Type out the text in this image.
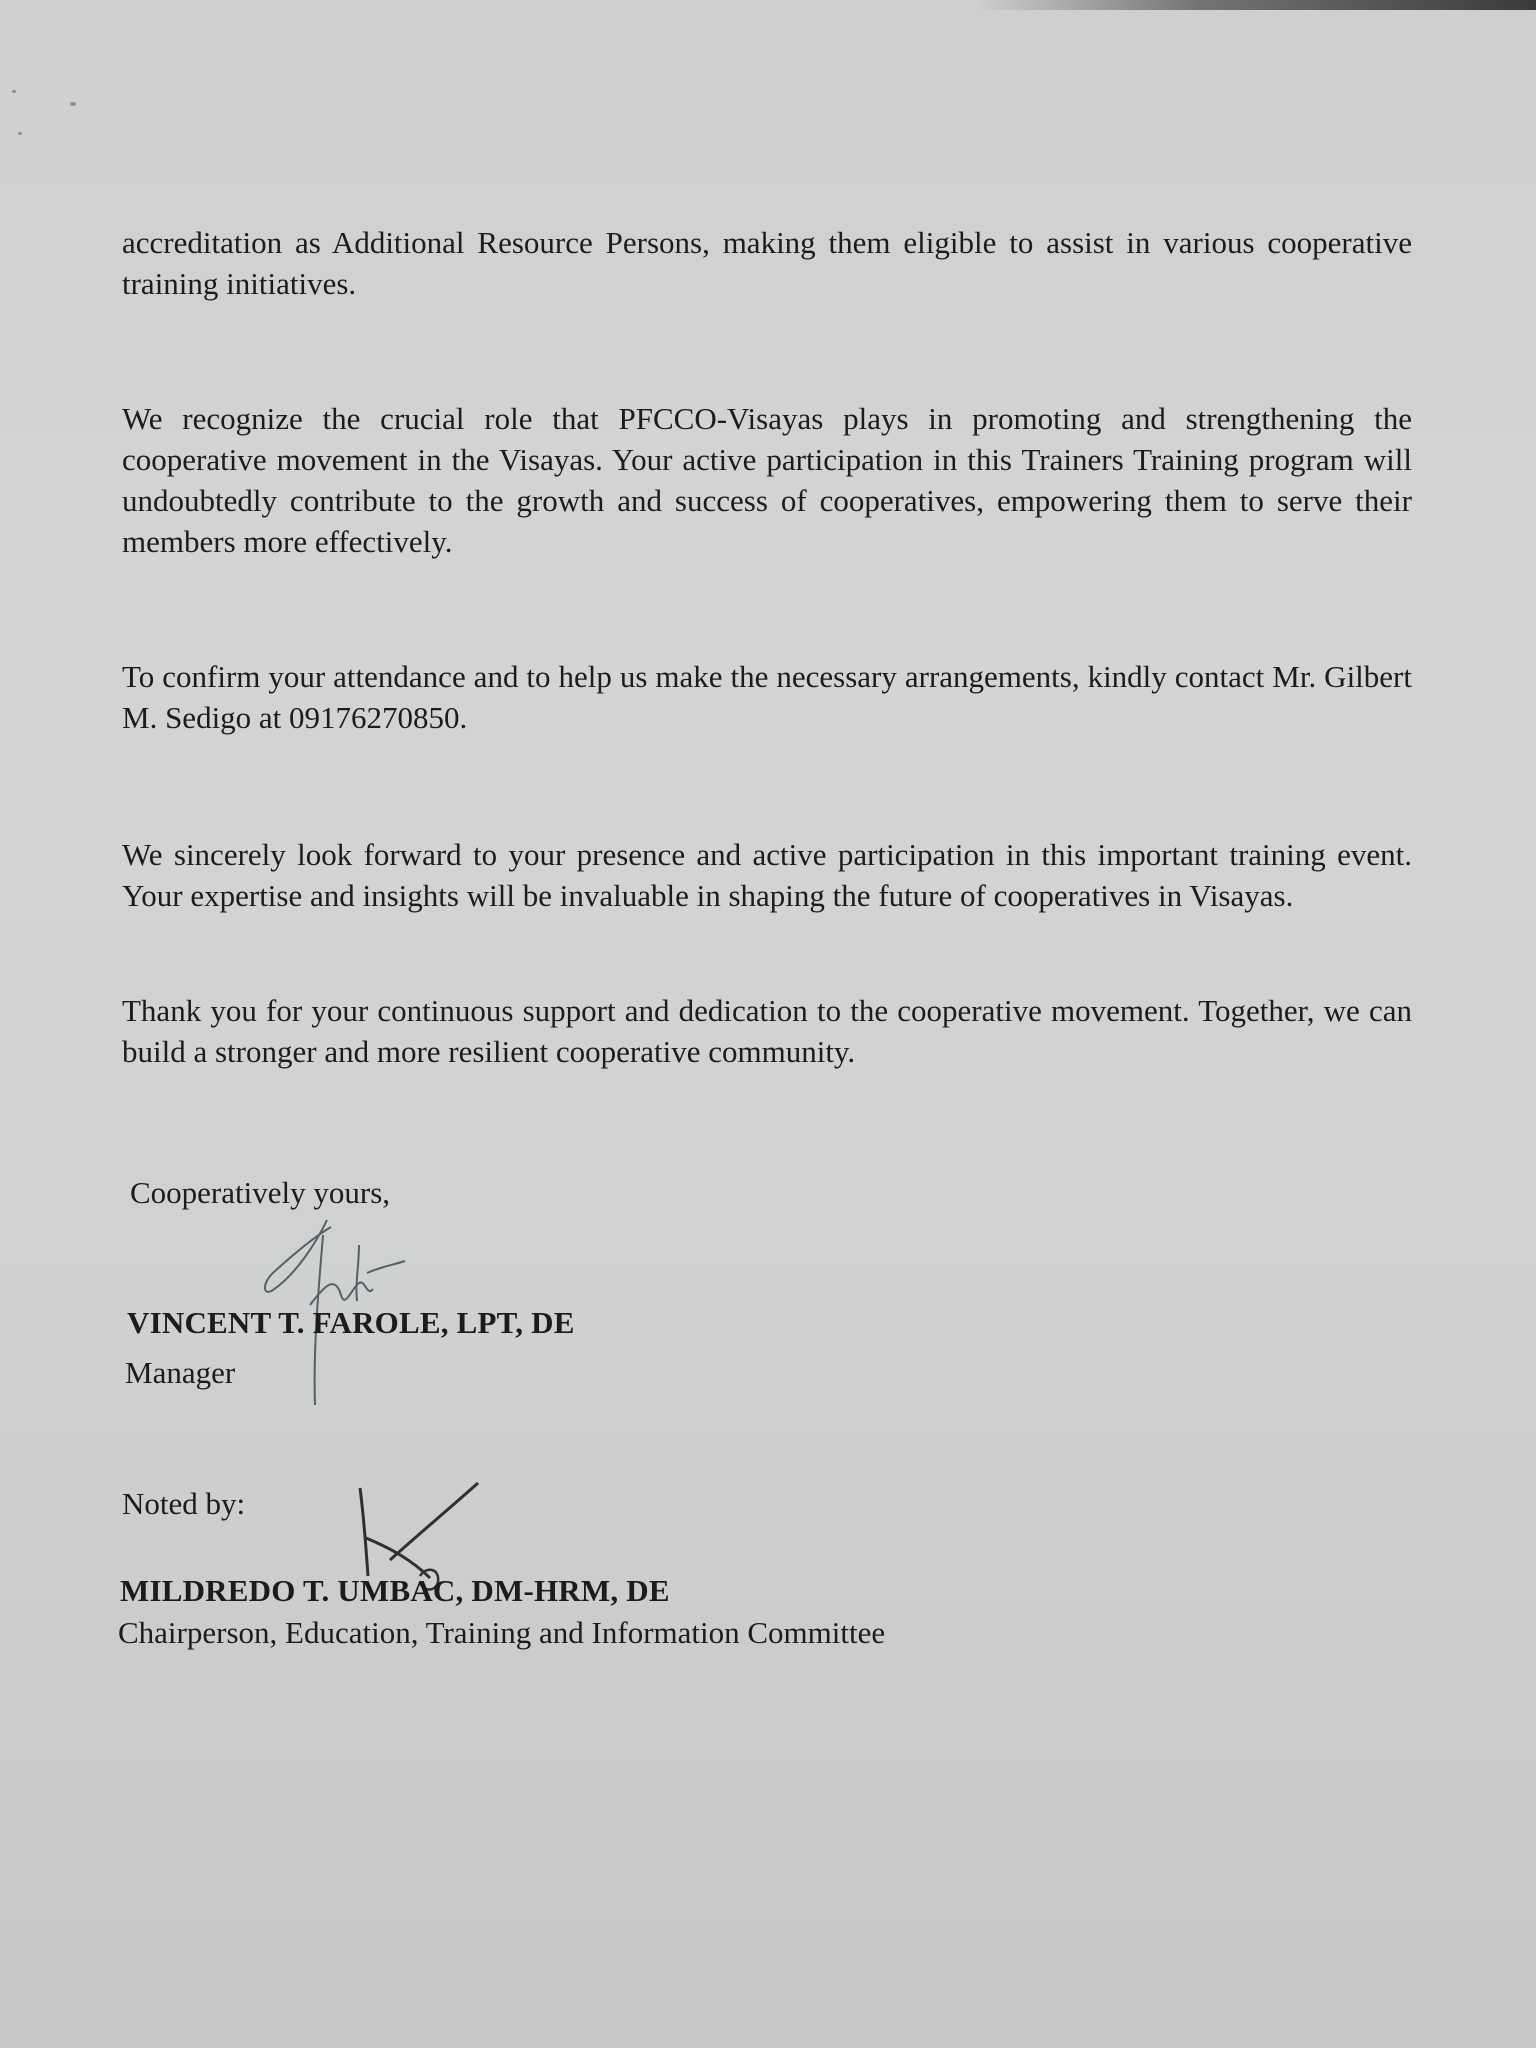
accreditation as Additional Resource Persons, making them eligible to assist in various cooperative training initiatives.

We recognize the crucial role that PFCCO-Visayas plays in promoting and strengthening the cooperative movement in the Visayas. Your active participation in this Trainers Training program will undoubtedly contribute to the growth and success of cooperatives, empowering them to serve their members more effectively.

To confirm your attendance and to help us make the necessary arrangements, kindly contact Mr. Gilbert M. Sedigo at 09176270850.

We sincerely look forward to your presence and active participation in this important training event. Your expertise and insights will be invaluable in shaping the future of cooperatives in Visayas.

Thank you for your continuous support and dedication to the cooperative movement. Together, we can build a stronger and more resilient cooperative community.

Cooperatively yours,

VINCENT T. FAROLE, LPT, DE

Manager

Noted by:

MILDREDO T. UMBAC, DM-HRM, DE

Chairperson, Education, Training and Information Committee
